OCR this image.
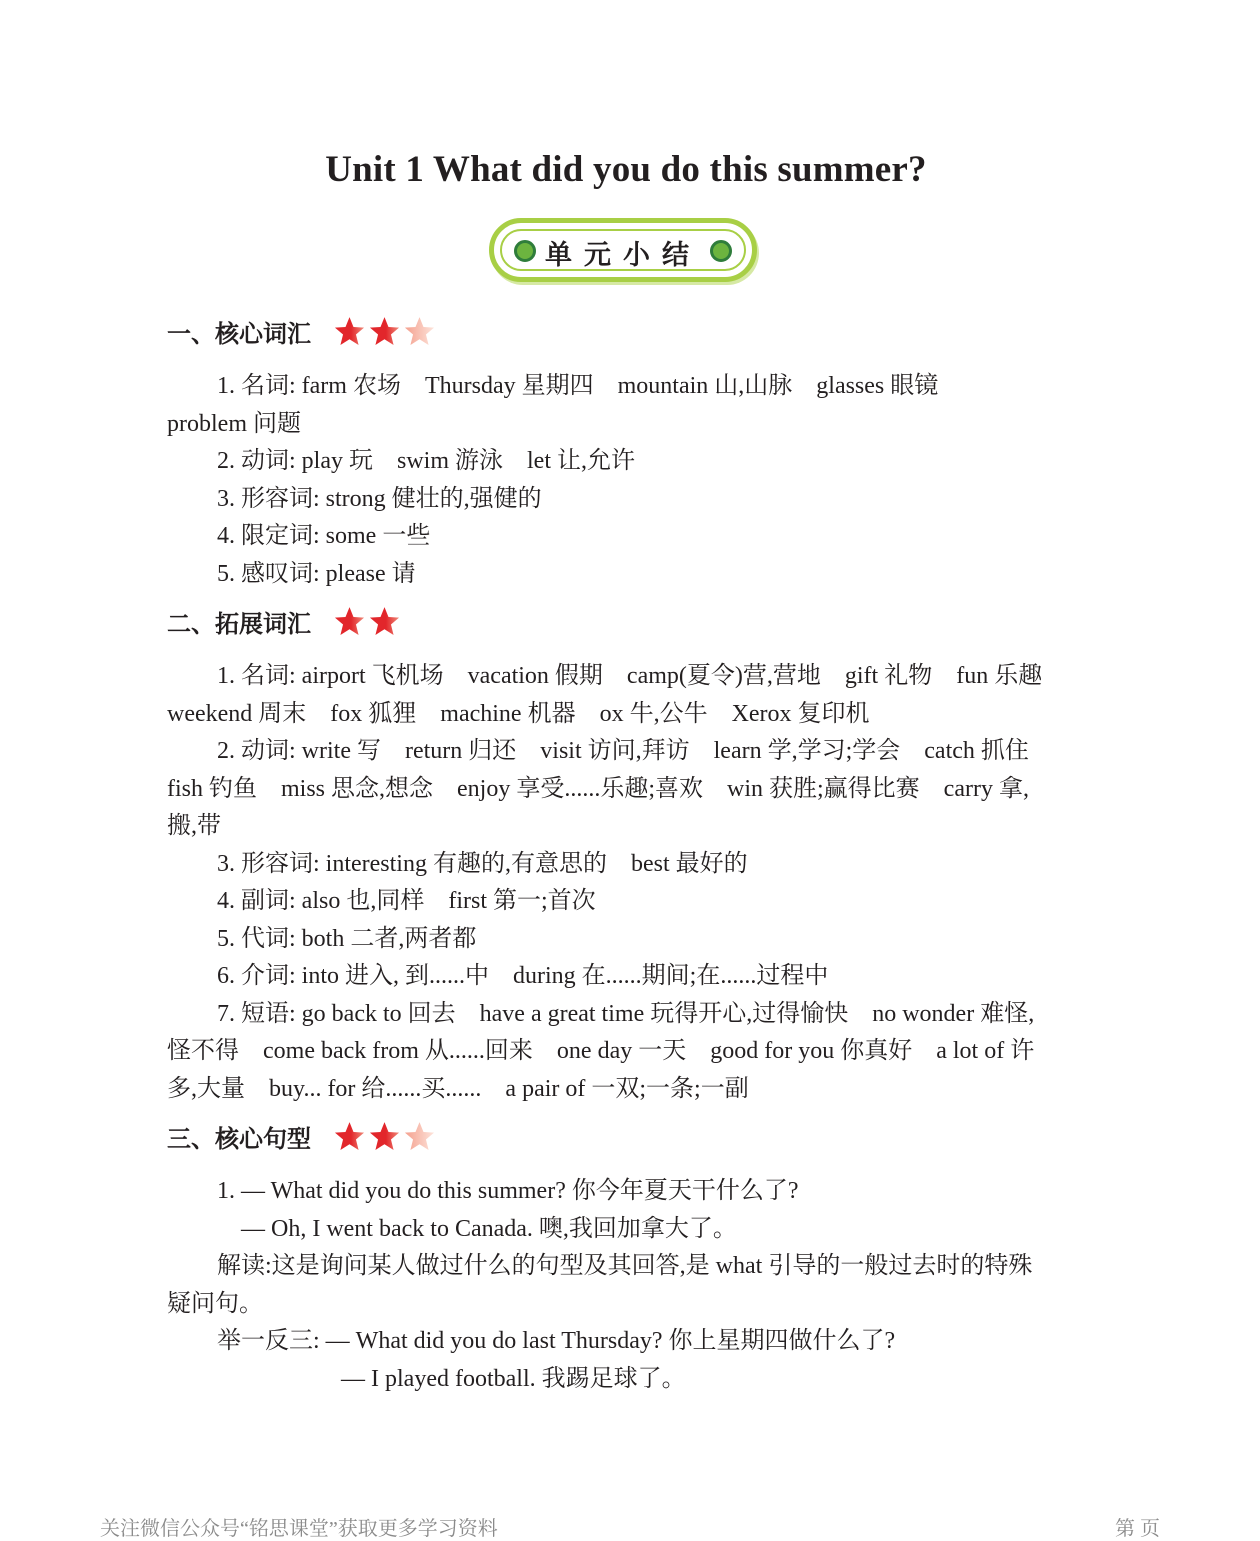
Unit 1 What did you do this summer?
单元小结
一、核心词汇
1. 名词: farm 农场　Thursday 星期四　mountain 山,山脉　glasses 眼镜
problem 问题
2. 动词: play 玩　swim 游泳　let 让,允许
3. 形容词: strong 健壮的,强健的
4. 限定词: some 一些
5. 感叹词: please 请
二、拓展词汇
1. 名词: airport 飞机场　vacation 假期　camp(夏令)营,营地　gift 礼物　fun 乐趣
weekend 周末　fox 狐狸　machine 机器　ox 牛,公牛　Xerox 复印机
2. 动词: write 写　return 归还　visit 访问,拜访　learn 学,学习;学会　catch 抓住
fish 钓鱼　miss 思念,想念　enjoy 享受......乐趣;喜欢　win 获胜;赢得比赛　carry 拿,
搬,带
3. 形容词: interesting 有趣的,有意思的　best 最好的
4. 副词: also 也,同样　first 第一;首次
5. 代词: both 二者,两者都
6. 介词: into 进入, 到......中　during 在......期间;在......过程中
7. 短语: go back to 回去　have a great time 玩得开心,过得愉快　no wonder 难怪,
怪不得　come back from 从......回来　one day 一天　good for you 你真好　a lot of 许
多,大量　buy... for 给......买......　a pair of 一双;一条;一副
三、核心句型
1. — What did you do this summer? 你今年夏天干什么了?
— Oh, I went back to Canada. 噢,我回加拿大了。
解读:这是询问某人做过什么的句型及其回答,是 what 引导的一般过去时的特殊
疑问句。
举一反三: — What did you do last Thursday? 你上星期四做什么了?
— I played football. 我踢足球了。
关注微信公众号“铭思课堂”获取更多学习资料	第 页
